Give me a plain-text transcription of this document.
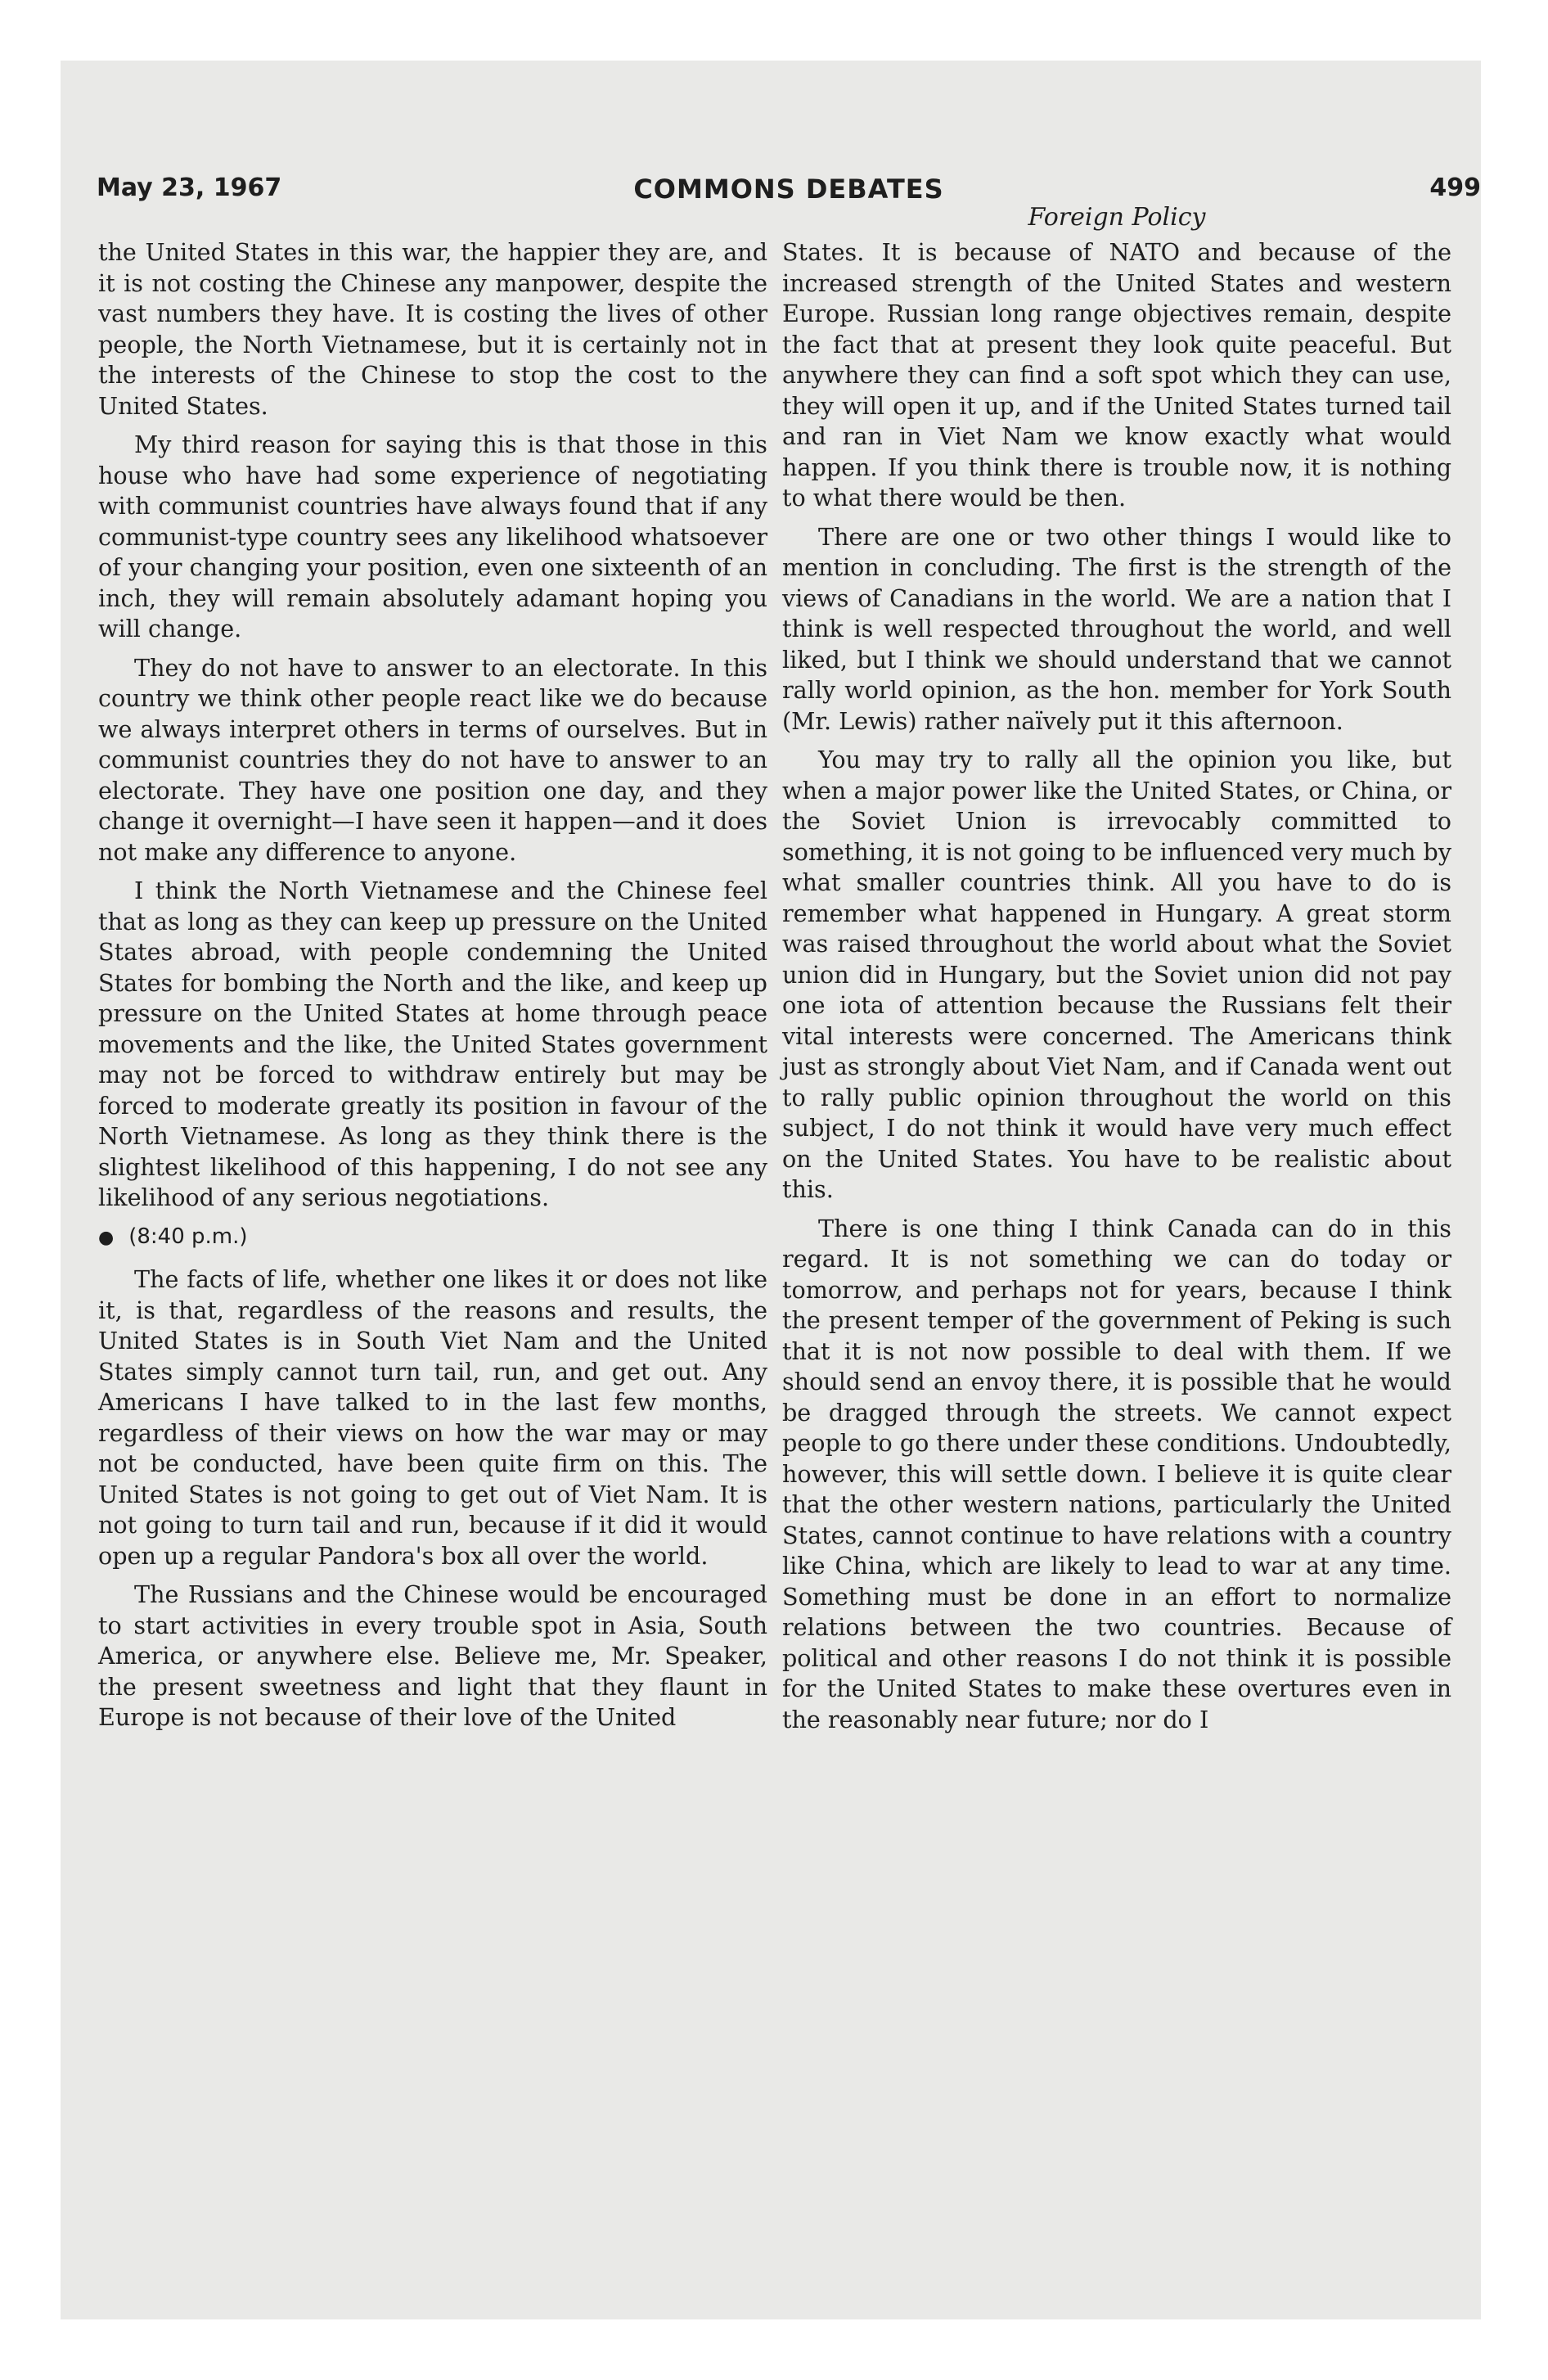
May 23, 1967	COMMONS DEBATES	499
Foreign Policy

the United States in this war, the happier they are, and it is not costing the Chinese any manpower, despite the vast numbers they have. It is costing the lives of other people, the North Vietnamese, but it is certainly not in the interests of the Chinese to stop the cost to the United States.

My third reason for saying this is that those in this house who have had some experience of negotiating with communist countries have always found that if any communist-type country sees any likelihood whatsoever of your changing your position, even one sixteenth of an inch, they will remain absolutely adamant hoping you will change.

They do not have to answer to an electorate. In this country we think other people react like we do because we always interpret others in terms of ourselves. But in communist countries they do not have to answer to an electorate. They have one position one day, and they change it overnight—I have seen it happen—and it does not make any difference to anyone.

I think the North Vietnamese and the Chinese feel that as long as they can keep up pressure on the United States abroad, with people condemning the United States for bombing the North and the like, and keep up pressure on the United States at home through peace movements and the like, the United States government may not be forced to withdraw entirely but may be forced to moderate greatly its position in favour of the North Vietnamese. As long as they think there is the slightest likelihood of this happening, I do not see any likelihood of any serious negotiations.

● (8:40 p.m.)

The facts of life, whether one likes it or does not like it, is that, regardless of the reasons and results, the United States is in South Viet Nam and the United States simply cannot turn tail, run, and get out. Any Americans I have talked to in the last few months, regardless of their views on how the war may or may not be conducted, have been quite firm on this. The United States is not going to get out of Viet Nam. It is not going to turn tail and run, because if it did it would open up a regular Pandora's box all over the world.

The Russians and the Chinese would be encouraged to start activities in every trouble spot in Asia, South America, or anywhere else. Believe me, Mr. Speaker, the present sweetness and light that they flaunt in Europe is not because of their love of the United

States. It is because of NATO and because of the increased strength of the United States and western Europe. Russian long range objectives remain, despite the fact that at present they look quite peaceful. But anywhere they can find a soft spot which they can use, they will open it up, and if the United States turned tail and ran in Viet Nam we know exactly what would happen. If you think there is trouble now, it is nothing to what there would be then.

There are one or two other things I would like to mention in concluding. The first is the strength of the views of Canadians in the world. We are a nation that I think is well respected throughout the world, and well liked, but I think we should understand that we cannot rally world opinion, as the hon. member for York South (Mr. Lewis) rather naïvely put it this afternoon.

You may try to rally all the opinion you like, but when a major power like the United States, or China, or the Soviet Union is irrevocably committed to something, it is not going to be influenced very much by what smaller countries think. All you have to do is remember what happened in Hungary. A great storm was raised throughout the world about what the Soviet union did in Hungary, but the Soviet union did not pay one iota of attention because the Russians felt their vital interests were concerned. The Americans think just as strongly about Viet Nam, and if Canada went out to rally public opinion throughout the world on this subject, I do not think it would have very much effect on the United States. You have to be realistic about this.

There is one thing I think Canada can do in this regard. It is not something we can do today or tomorrow, and perhaps not for years, because I think the present temper of the government of Peking is such that it is not now possible to deal with them. If we should send an envoy there, it is possible that he would be dragged through the streets. We cannot expect people to go there under these conditions. Undoubtedly, however, this will settle down. I believe it is quite clear that the other western nations, particularly the United States, cannot continue to have relations with a country like China, which are likely to lead to war at any time. Something must be done in an effort to normalize relations between the two countries. Because of political and other reasons I do not think it is possible for the United States to make these overtures even in the reasonably near future; nor do I
